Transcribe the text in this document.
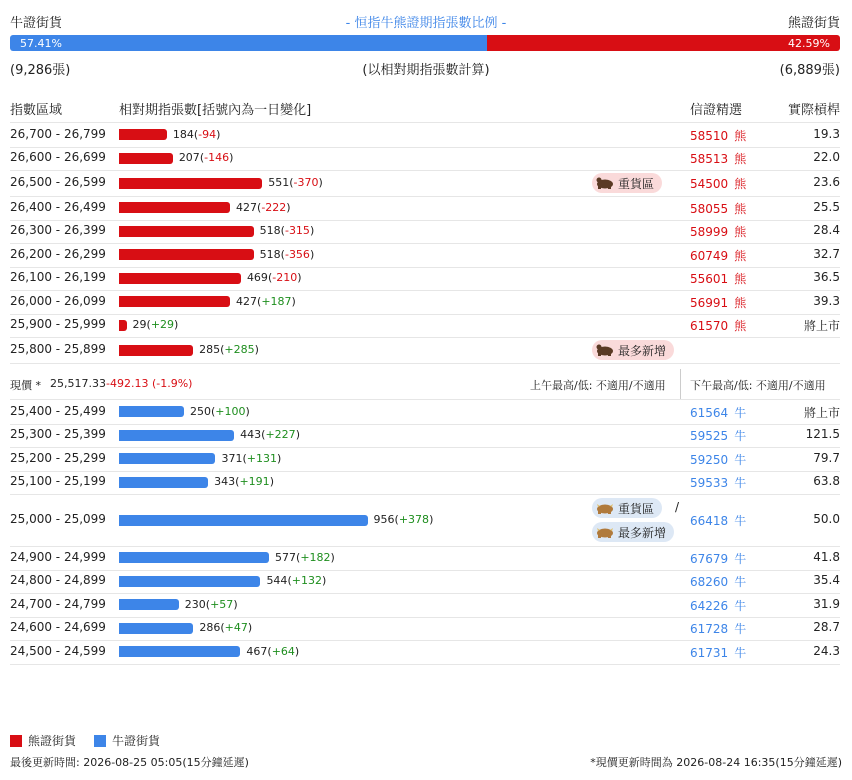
牛證街貨	- 恒指牛熊證期指張數比例 -	熊證街貨
57.41%	42.59%
(9,286張)	(以相對期指張數計算)	(6,889張)
指數區域	相對期指張數[括號內為一日變化]	信證精選	實際槓桿
26,700 - 26,799	184(-94)	58510 熊	19.3
26,600 - 26,699	207(-146)	58513 熊	22.0
26,500 - 26,599	551(-370)	54500 熊	23.6
重貨區
26,400 - 26,499	427(-222)	58055 熊	25.5
26,300 - 26,399	518(-315)	58999 熊	28.4
26,200 - 26,299	518(-356)	60749 熊	32.7
26,100 - 26,199	469(-210)	55601 熊	36.5
26,000 - 26,099	427(+187)	56991 熊	39.3
25,900 - 25,999 29(+29)	61570 熊	將上市
25,800 - 25,899	285(+285)	最多新增
25,400 - 25,499	250(+100)	61564 牛	將上市
25,300 - 25,399	443(+227)	59525 牛	121.5
25,200 - 25,299	371(+131)	59250 牛	79.7
25,100 - 25,199	343(+191)	59533 牛	63.8
25,000 - 25,099	956(+378)	66418 牛	50.0
重貨區 /
最多新增
24,900 - 24,999	577(+182)	67679 牛	41.8
24,800 - 24,899	544(+132)	68260 牛	35.4
24,700 - 24,799	230(+57)	64226 牛	31.9
24,600 - 24,699	286(+47)	61728 牛	28.7
24,500 - 24,599	467(+64)	61731 牛	24.3
現價 * 25,517.33 -492.13 (-1.9%)	上午最高/低: 不適用/不適用 下午最高/低: 不適用/不適用
熊證街貨	牛證街貨
最後更新時間: 2026-08-25 05:05(15分鐘延遲)	*現價更新時間為 2026-08-24 16:35(15分鐘延遲)
